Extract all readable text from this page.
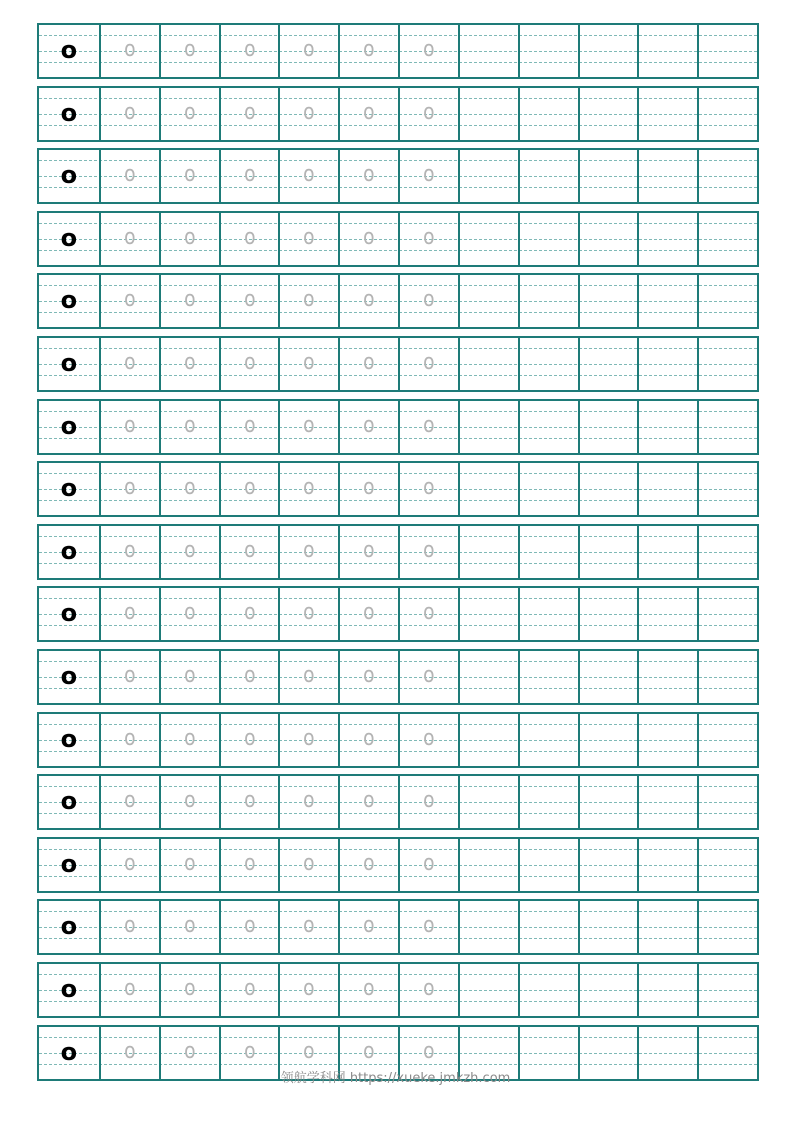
o	o	o	o	o	o	o
o	o	o	o	o	o	o
o	o	o	o	o	o	o
o	o	o	o	o	o	o
o	o	o	o	o	o	o
o	o	o	o	o	o	o
o	o	o	o	o	o	o
o	o	o	o	o	o	o
o	o	o	o	o	o	o
o	o	o	o	o	o	o
o	o	o	o	o	o	o
o	o	o	o	o	o	o
o	o	o	o	o	o	o
o	o	o	o	o	o	o
o	o	o	o	o	o	o
o	o	o	o	o	o	o
o	o	o	o	o	o	o
领航学科网 https://xueke.jmkzh.com
